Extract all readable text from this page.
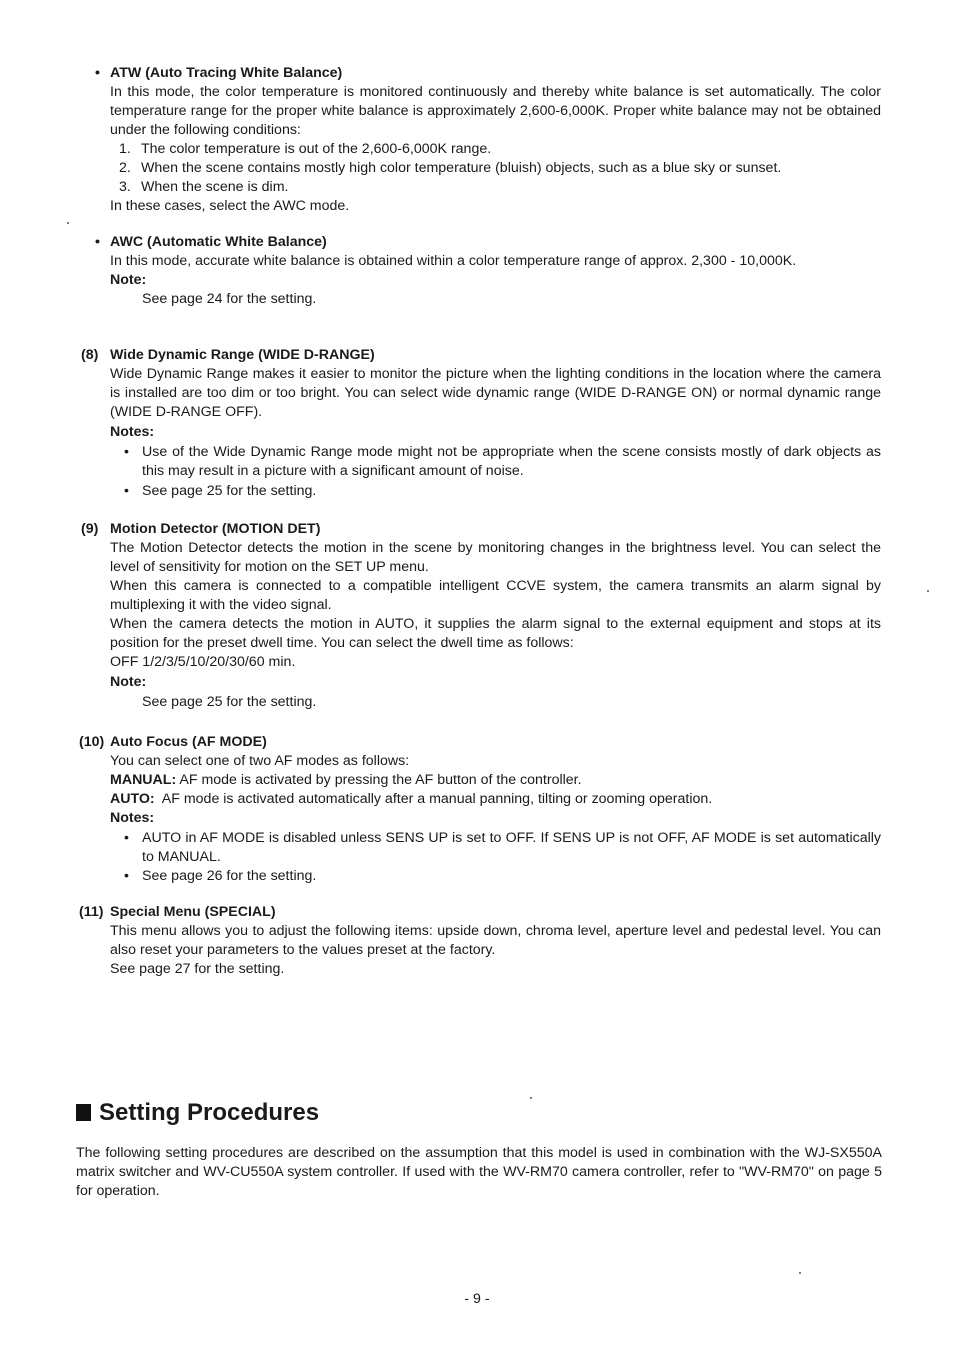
• ATW (Auto Tracing White Balance)

In this mode, the color temperature is monitored continuously and thereby white balance is set automatically. The color temperature range for the proper white balance is approximately 2,600-6,000K. Proper white balance may not be obtained under the following conditions:

1. The color temperature is out of the 2,600-6,000K range.
2. When the scene contains mostly high color temperature (bluish) objects, such as a blue sky or sunset.
3. When the scene is dim.

In these cases, select the AWC mode.

• AWC (Automatic White Balance)

In this mode, accurate white balance is obtained within a color temperature range of approx. 2,300 - 10,000K.

Note:

See page 24 for the setting.

(8) Wide Dynamic Range (WIDE D-RANGE)

Wide Dynamic Range makes it easier to monitor the picture when the lighting conditions in the location where the camera is installed are too dim or too bright. You can select wide dynamic range (WIDE D-RANGE ON) or normal dynamic range (WIDE D-RANGE OFF).

Notes:

• Use of the Wide Dynamic Range mode might not be appropriate when the scene consists mostly of dark objects as this may result in a picture with a significant amount of noise.
• See page 25 for the setting.

(9) Motion Detector (MOTION DET)

The Motion Detector detects the motion in the scene by monitoring changes in the brightness level. You can select the level of sensitivity for motion on the SET UP menu.

When this camera is connected to a compatible intelligent CCVE system, the camera transmits an alarm signal by multiplexing it with the video signal.

When the camera detects the motion in AUTO, it supplies the alarm signal to the external equipment and stops at its position for the preset dwell time. You can select the dwell time as follows:

OFF 1/2/3/5/10/20/30/60 min.

Note:

See page 25 for the setting.

(10) Auto Focus (AF MODE)

You can select one of two AF modes as follows:

MANUAL: AF mode is activated by pressing the AF button of the controller.

AUTO: AF mode is activated automatically after a manual panning, tilting or zooming operation.

Notes:

• AUTO in AF MODE is disabled unless SENS UP is set to OFF. If SENS UP is not OFF, AF MODE is set automatically to MANUAL.
• See page 26 for the setting.

(11) Special Menu (SPECIAL)

This menu allows you to adjust the following items: upside down, chroma level, aperture level and pedestal level. You can also reset your parameters to the values preset at the factory.

See page 27 for the setting.

Setting Procedures

The following setting procedures are described on the assumption that this model is used in combination with the WJ-SX550A matrix switcher and WV-CU550A system controller. If used with the WV-RM70 camera controller, refer to "WV-RM70" on page 5 for operation.

- 9 -
